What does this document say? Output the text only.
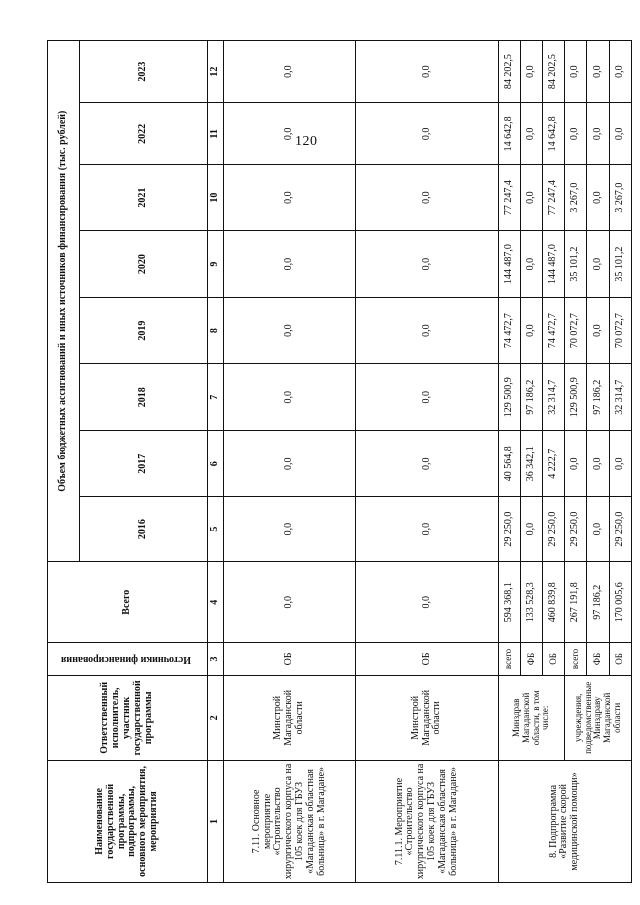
120
Наименование государственной программы, подпрограммы, основного мероприятия, мероприятия	Ответственный исполнитель, участник государственной программы	Источники финансирования	Всего	Объем бюджетных ассигнований и иных источников финансирования (тыс. рублей)							
				2016	2017	2018	2019	2020	2021	2022	2023
1	2	3	4	5	6	7	8	9	10	11	12
7.11. Основное мероприятие «Строительство хирургического корпуса на 105 коек для ГБУЗ «Магаданская областная больница» в г. Магадане»	Минстрой Магаданской области	ОБ	0,0	0,0	0,0	0,0	0,0	0,0	0,0	0,0	0,0
7.11.1. Мероприятие «Строительство хирургического корпуса на 105 коек для ГБУЗ «Магаданская областная больница» в г. Магадане»	Минстрой Магаданской области	ОБ	0,0	0,0	0,0	0,0	0,0	0,0	0,0	0,0	0,0
8. Подпрограмма «Развитие скорой медицинской помощи»	Минздрав Магаданской области, в том числе:	всего	594 368,1	29 250,0	40 564,8	129 500,9	74 472,7	144 487,0	77 247,4	14 642,8	84 202,5
		ФБ	133 528,3	0,0	36 342,1	97 186,2	0,0	0,0	0,0	0,0	0,0
		ОБ	460 839,8	29 250,0	4 222,7	32 314,7	74 472,7	144 487,0	77 247,4	14 642,8	84 202,5
	учреждения, подведомственные Минздраву Магаданской области	всего	267 191,8	29 250,0	0,0	129 500,9	70 072,7	35 101,2	3 267,0	0,0	0,0
		ФБ	97 186,2	0,0	0,0	97 186,2	0,0	0,0	0,0	0,0	0,0
		ОБ	170 005,6	29 250,0	0,0	32 314,7	70 072,7	35 101,2	3 267,0	0,0	0,0
